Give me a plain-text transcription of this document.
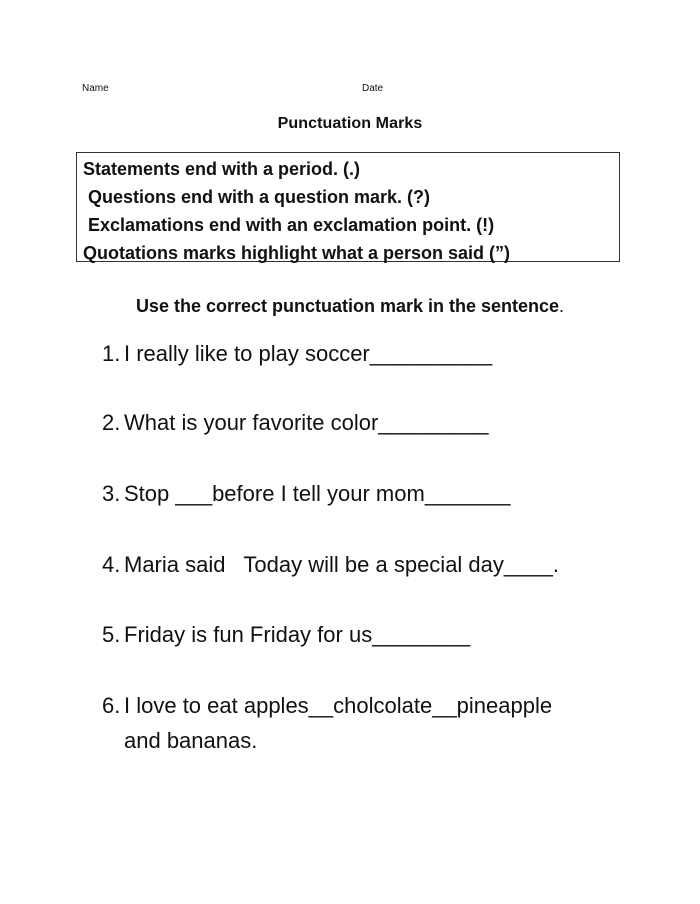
Name	Date
Punctuation Marks
Statements end with a period. (.)
Questions end with a question mark. (?)
Exclamations end with an exclamation point. (!)
Quotations marks highlight what a person said (”)
Use the correct punctuation mark in the sentence.
1. I really like to play soccer__________
2. What is your favorite color_________
3. Stop ___before I tell your mom_______
4. Maria said   Today will be a special day____.
5. Friday is fun Friday for us________
6. I love to eat apples__cholcolate__pineapple
and bananas.
